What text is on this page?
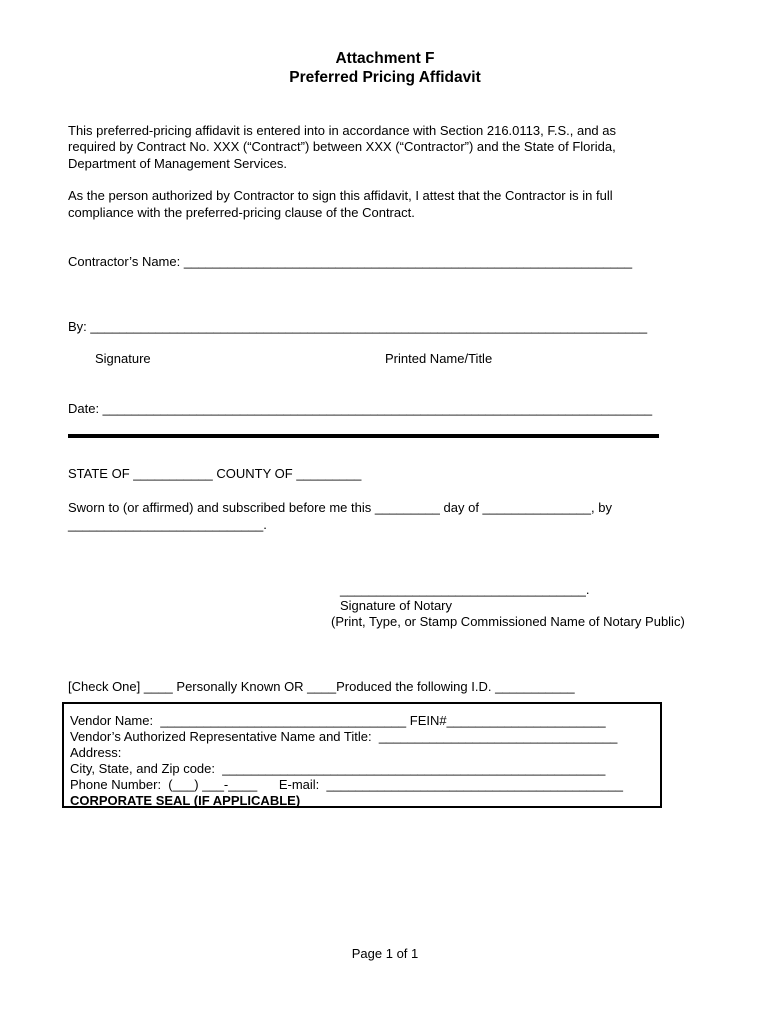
Attachment F
Preferred Pricing Affidavit
This preferred-pricing affidavit is entered into in accordance with Section 216.0113, F.S., and as
required by Contract No. XXX (“Contract”) between XXX (“Contractor”) and the State of Florida,
Department of Management Services.
As the person authorized by Contractor to sign this affidavit, I attest that the Contractor is in full
compliance with the preferred-pricing clause of the Contract.
Contractor’s Name: ______________________________________________________________
By: _____________________________________________________________________________
Signature	Printed Name/Title
Date: ____________________________________________________________________________
STATE OF ___________ COUNTY OF _________
Sworn to (or affirmed) and subscribed before me this _________ day of _______________, by
___________________________.
__________________________________.
Signature of Notary
(Print, Type, or Stamp Commissioned Name of Notary Public)
[Check One] ____ Personally Known OR ____Produced the following I.D. ___________
Vendor Name:  __________________________________ FEIN#______________________
Vendor’s Authorized Representative Name and Title:  _________________________________
Address:
City, State, and Zip code:  _____________________________________________________
Phone Number:  (___) ___-____      E-mail:  _________________________________________
CORPORATE SEAL (IF APPLICABLE)
Page 1 of 1
